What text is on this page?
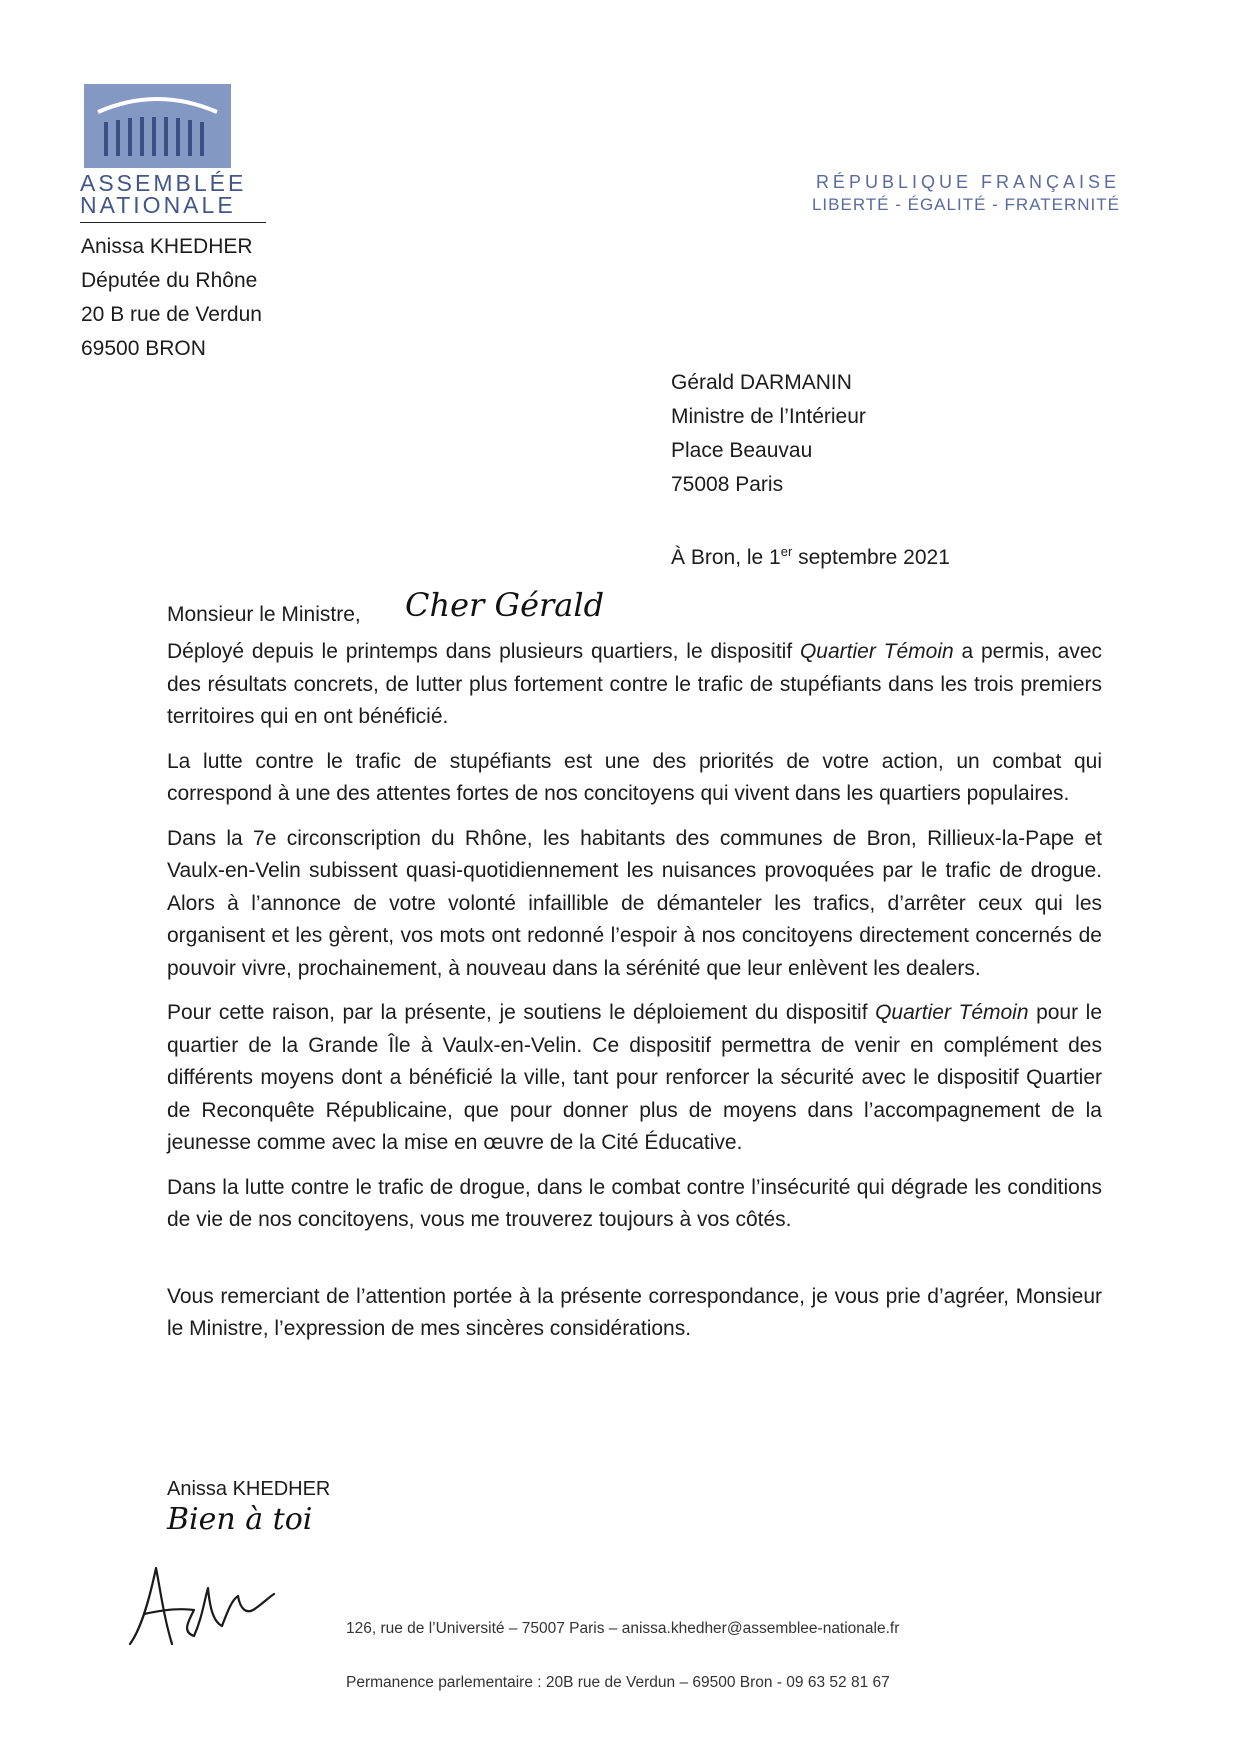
ASSEMBLÉE
NATIONALE
RÉPUBLIQUE FRANÇAISE
LIBERTÉ - ÉGALITÉ - FRATERNITÉ
Anissa KHEDHER
Députée du Rhône
20 B rue de Verdun
69500 BRON
Gérald DARMANIN
Ministre de l’Intérieur
Place Beauvau
75008 Paris
À Bron, le 1er septembre 2021
Monsieur le Ministre, Cher Gérald

Déployé depuis le printemps dans plusieurs quartiers, le dispositif Quartier Témoin a permis, avec des résultats concrets, de lutter plus fortement contre le trafic de stupéfiants dans les trois premiers territoires qui en ont bénéficié.

La lutte contre le trafic de stupéfiants est une des priorités de votre action, un combat qui correspond à une des attentes fortes de nos concitoyens qui vivent dans les quartiers populaires.

Dans la 7e circonscription du Rhône, les habitants des communes de Bron, Rillieux-la-Pape et Vaulx-en-Velin subissent quasi-quotidiennement les nuisances provoquées par le trafic de drogue. Alors à l’annonce de votre volonté infaillible de démanteler les trafics, d’arrêter ceux qui les organisent et les gèrent, vos mots ont redonné l’espoir à nos concitoyens directement concernés de pouvoir vivre, prochainement, à nouveau dans la sérénité que leur enlèvent les dealers.

Pour cette raison, par la présente, je soutiens le déploiement du dispositif Quartier Témoin pour le quartier de la Grande Île à Vaulx-en-Velin. Ce dispositif permettra de venir en complément des différents moyens dont a bénéficié la ville, tant pour renforcer la sécurité avec le dispositif Quartier de Reconquête Républicaine, que pour donner plus de moyens dans l’accompagnement de la jeunesse comme avec la mise en œuvre de la Cité Éducative.

Dans la lutte contre le trafic de drogue, dans le combat contre l’insécurité qui dégrade les conditions de vie de nos concitoyens, vous me trouverez toujours à vos côtés.

Vous remerciant de l’attention portée à la présente correspondance, je vous prie d’agréer, Monsieur le Ministre, l’expression de mes sincères considérations.

Anissa KHEDHER
Bien à toi
126, rue de l’Université – 75007 Paris – anissa.khedher@assemblee-nationale.fr
Permanence parlementaire : 20B rue de Verdun – 69500 Bron - 09 63 52 81 67
